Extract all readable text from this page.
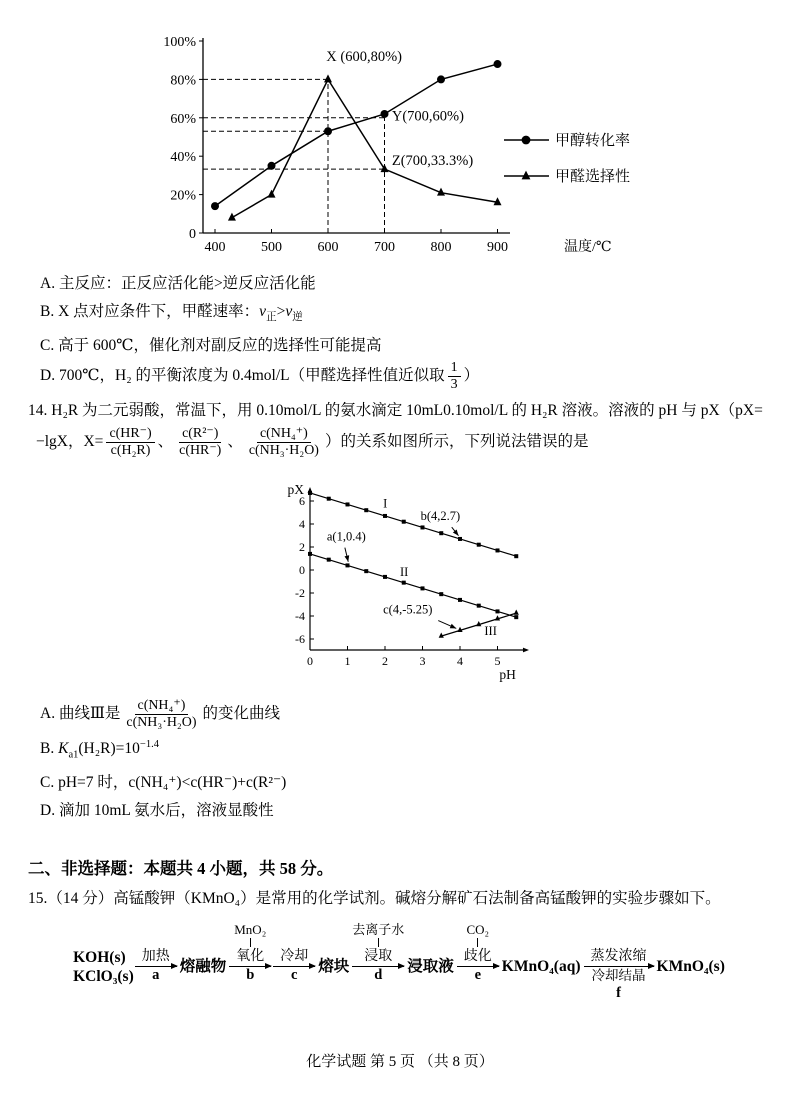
100%
80%
60%
40%
20%
0
400	500	600	700	800	900	温度/℃
X (600,80%)
Y(700,60%)
Z(700,33.3%)
甲醇转化率
甲醛选择性
A. 主反应：正反应活化能>逆反应活化能
B. X 点对应条件下，甲醛速率：$v_正>v_逆$
C. 高于 600℃，催化剂对副反应的选择性可能提高
D. 700℃，H₂ 的平衡浓度为 0.4mol/L（甲醛选择性值近似取 $\frac{1}{3}$ ）
14. H₂R 为二元弱酸，常温下，用 0.10mol/L 的氨水滴定 10mL0.10mol/L 的 H₂R 溶液。溶液的 pH 与 pX（pX=
−lgX，$X= \frac{c(HR^-)}{\text{c(H₂R)}}$ 、 $\frac{\text{c(R²⁻)}}{c(HR^-)}$ 、 $\frac{\text{c(NH₄⁺)}}{\text{c(NH₃·H₂O)}}$ ）的关系如图所示，下列说法错误的是
pX
pH
6
4
2
0
-2
-4
-6
0	1	2	3	4	5
I
a(1,0.4)
b(4,2.7)
II
c(4,-5.25)
III
A. 曲线Ⅲ是 $\frac{\text{c(NH₄⁺)}}{\text{c(NH₃·H₂O)}}$ 的变化曲线
B. $K_{a1}(H_2R)=10^{-1.4}$
C. pH=7 时，c(NH₄⁺)<c(HR⁻)+c(R²⁻)
D. 滴加 10mL 氨水后，溶液显酸性
二、非选择题：本题共 4 小题，共 58 分。
15.（14 分）高锰酸钾（KMnO₄）是常用的化学试剂。碱熔分解矿石法制备高锰酸钾的实验步骤如下。
KOH(s)
KClO₃(s)
加热
a 熔融物
MnO₂
氧化
b
冷却
c 熔块
去离子水
浸取
d 浸取液
CO₂
歧化
e KMnO₄(aq)
蒸发浓缩
冷却结晶
f
KMnO₄(s)
化学试题 第 5 页 （共 8 页）
